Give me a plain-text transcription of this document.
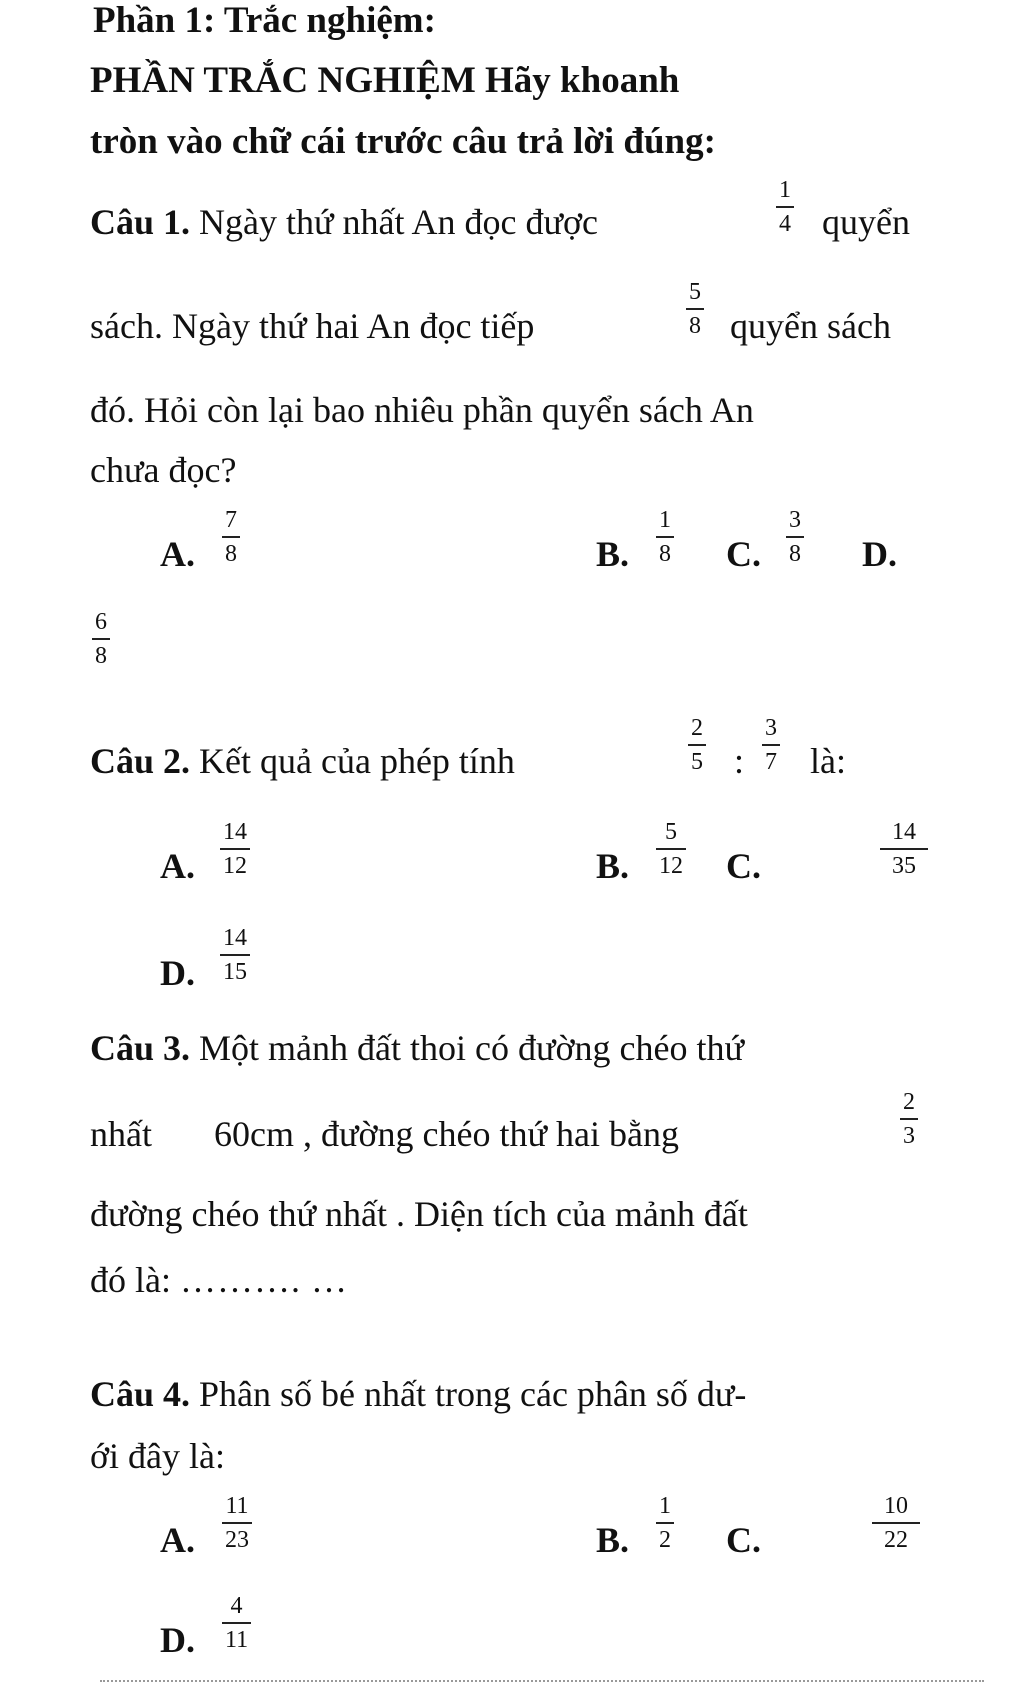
Phần 1: Trắc nghiệm:
PHẦN TRẮC NGHIỆM Hãy khoanh
tròn vào chữ cái trước câu trả lời đúng:
Câu 1. Ngày thứ nhất An đọc được
1
4 quyển
sách. Ngày thứ hai An đọc tiếp
5
8 quyển sách
đó. Hỏi còn lại bao nhiêu phần quyển sách An
chưa đọc?
A.
7
8	B.
1
8 C.
3
8 D.
6
8
Câu 2. Kết quả của phép tính
2
5 :
3
7 là:
A.
14
12	B.
5
12 C.
14
35
D.
14
15
Câu 3. Một mảnh đất thoi có đường chéo thứ
nhất 60cm , đường chéo thứ hai bằng
2
3
đường chéo thứ nhất . Diện tích của mảnh đất
đó là: ………. …
Câu 4. Phân số bé nhất trong các phân số dư-
ới đây là:
A.
11
23	B.
1
2 C.
10
22
D.
4
11
